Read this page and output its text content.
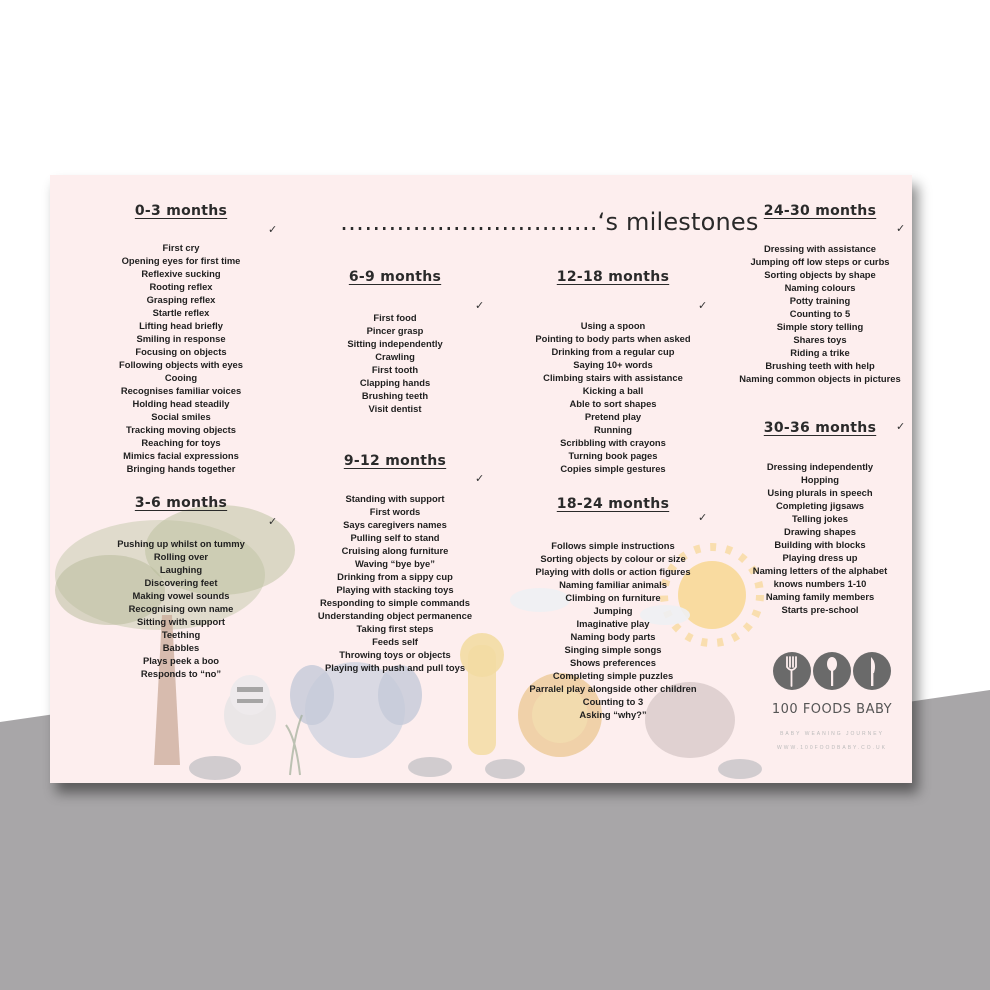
…………………………..‘s milestones
0-3 months
First cry
Opening eyes for first time
Reflexive sucking
Rooting reflex
Grasping reflex
Startle reflex
Lifting head briefly
Smiling in response
Focusing on objects
Following objects with eyes
Cooing
Recognises familiar voices
Holding head steadily
Social smiles
Tracking moving objects
Reaching for toys
Mimics facial expressions
Bringing hands together
✓
3-6 months
Pushing up whilst on tummy
Rolling over
Laughing
Discovering feet
Making vowel sounds
Recognising own name
Sitting with support
Teething
Babbles
Plays peek a boo
Responds to “no”
✓
6-9 months
First food
Pincer grasp
Sitting independently
Crawling
First tooth
Clapping hands
Brushing teeth
Visit dentist
✓
9-12 months
Standing with support
First words
Says caregivers names
Pulling self to stand
Cruising along furniture
Waving “bye bye”
Drinking from a sippy cup
Playing with stacking toys
Responding to simple commands
Understanding object permanence
Taking first steps
Feeds self
Throwing toys or objects
Playing with push and pull toys
✓
12-18 months
Using a spoon
Pointing to body parts when asked
Drinking from a regular cup
Saying 10+ words
Climbing stairs with assistance
Kicking a ball
Able to sort shapes
Pretend play
Running
Scribbling with crayons
Turning book pages
Copies simple gestures
✓
18-24 months
Follows simple instructions
Sorting objects by colour or size
Playing with dolls or action figures
Naming familiar animals
Climbing on furniture
Jumping
Imaginative play
Naming body parts
Singing simple songs
Shows preferences
Completing simple puzzles
Parralel play alongside other children
Counting to 3
Asking “why?”
✓
24-30 months
Dressing with assistance
Jumping off low steps or curbs
Sorting objects by shape
Naming colours
Potty training
Counting to 5
Simple story telling
Shares toys
Riding a trike
Brushing teeth with help
Naming common objects in pictures
✓
30-36 months
Dressing independently
Hopping
Using plurals in speech
Completing jigsaws
Telling jokes
Drawing shapes
Building with blocks
Playing dress up
Naming letters of the alphabet
knows numbers 1-10
Naming family members
Starts pre-school
✓
100 FOODS BABY
BABY WEANING JOURNEY
WWW.100FOODBABY.CO.UK
